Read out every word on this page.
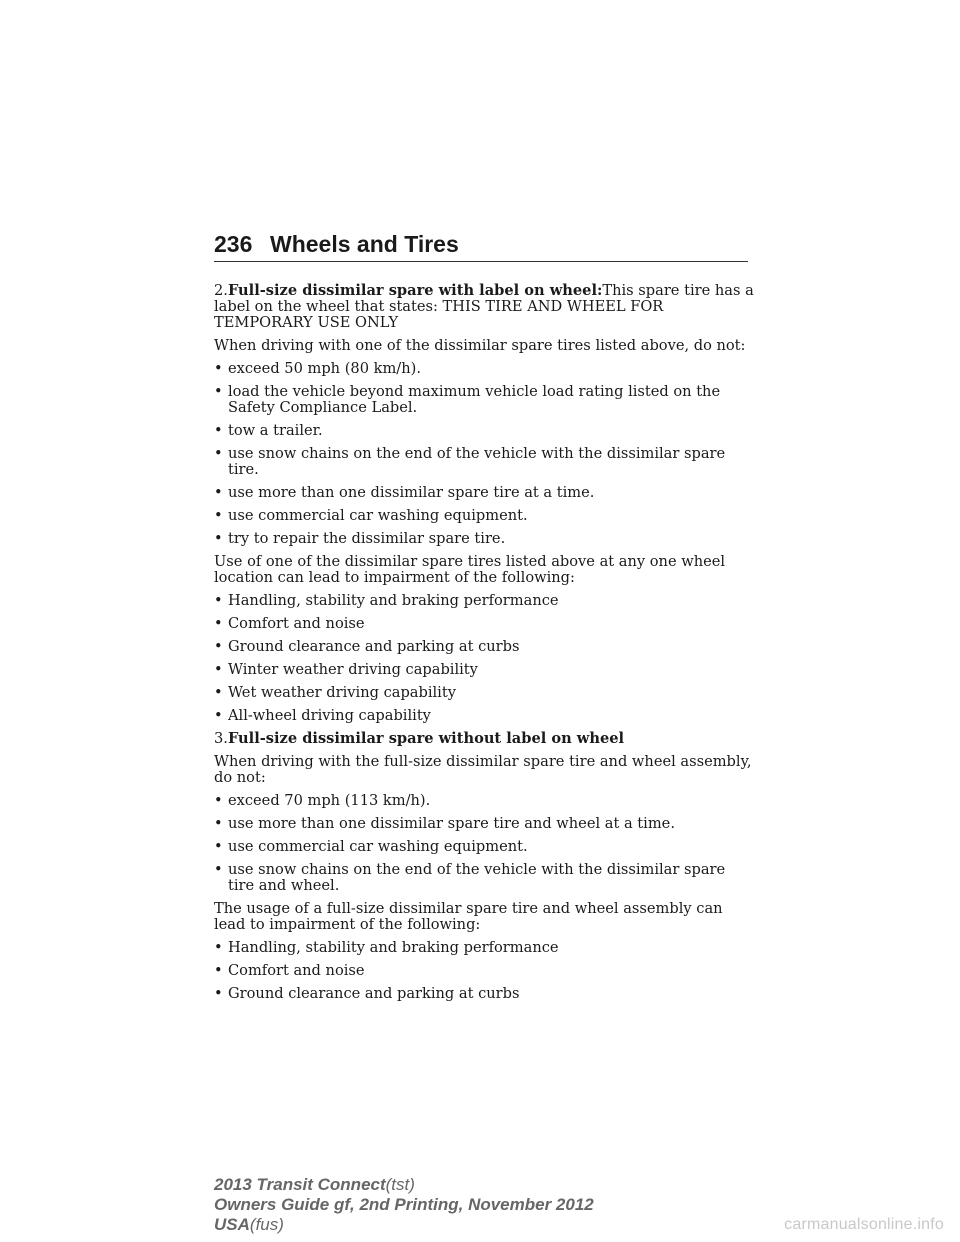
236 Wheels and Tires

2.Full-size dissimilar spare with label on wheel:This spare tire has a label on the wheel that states: THIS TIRE AND WHEEL FOR TEMPORARY USE ONLY

When driving with one of the dissimilar spare tires listed above, do not:

• exceed 50 mph (80 km/h).
• load the vehicle beyond maximum vehicle load rating listed on the Safety Compliance Label.
• tow a trailer.
• use snow chains on the end of the vehicle with the dissimilar spare tire.
• use more than one dissimilar spare tire at a time.
• use commercial car washing equipment.
• try to repair the dissimilar spare tire.

Use of one of the dissimilar spare tires listed above at any one wheel location can lead to impairment of the following:

• Handling, stability and braking performance
• Comfort and noise
• Ground clearance and parking at curbs
• Winter weather driving capability
• Wet weather driving capability
• All-wheel driving capability

3.Full-size dissimilar spare without label on wheel

When driving with the full-size dissimilar spare tire and wheel assembly, do not:

• exceed 70 mph (113 km/h).
• use more than one dissimilar spare tire and wheel at a time.
• use commercial car washing equipment.
• use snow chains on the end of the vehicle with the dissimilar spare tire and wheel.

The usage of a full-size dissimilar spare tire and wheel assembly can lead to impairment of the following:

• Handling, stability and braking performance
• Comfort and noise
• Ground clearance and parking at curbs
2013 Transit Connect(tst)
Owners Guide gf, 2nd Printing, November 2012
USA(fus)	carmanualsonline.info
